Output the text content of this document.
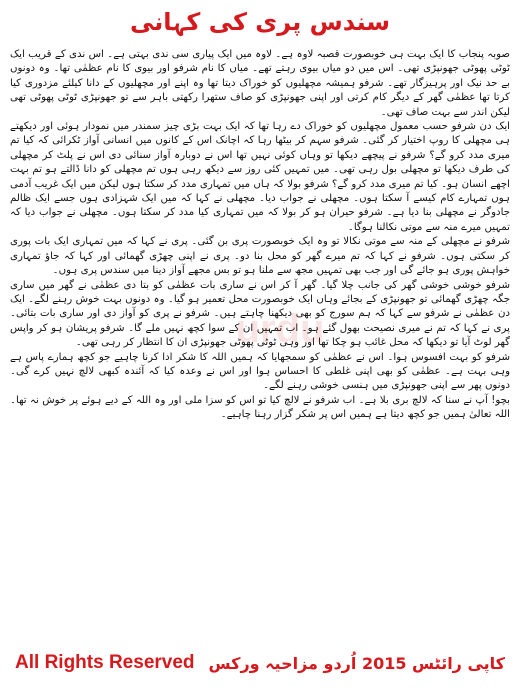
سندس پری کی کہانی

صوبہ پنجاب کا ایک بہت ہی خوبصورت قصبہ لاوہ ہے۔ لاوہ میں ایک پیاری سی ندی بہتی ہے۔ اس ندی کے قریب ایک ٹوٹی پھوٹی جھونپڑی تھی۔ اس میں دو میاں بیوی رہتے تھے۔ میاں کا نام شرفو اور بیوی کا نام عظمٰی تھا۔ وہ دونوں بے حد نیک اور پرہیزگار تھے۔ شرفو ہمیشہ مچھلیوں کو خوراک دیتا تھا وہ اپنے اور مچھلیوں کے دانا کیلئے مزدوری کیا کرتا تھا عظمٰی گھر کے دیگر کام کرتی اور اپنی جھونپڑی کو صاف ستھرا رکھتی باہر سے تو جھونپڑی ٹوٹی پھوٹی تھی لیکن اندر سے بہت صاف تھی۔

ایک دن شرفو حسب معمول مچھلیوں کو خوراک دے رہا تھا کہ ایک بہت بڑی چیز سمندر میں نمودار ہوئی اور دیکھتے ہی مچھلی کا روپ اختیار کر گئی۔ شرفو سہم کر بیٹھا رہا کہ اچانک اس کے کانوں میں انسانی آواز ٹکرائی کہ کیا تم میری مدد کرو گے؟ شرفو نے پیچھے دیکھا تو وہاں کوئی نہیں تھا اس نے دوبارہ آواز سنائی دی اس نے پلٹ کر مچھلی کی طرف دیکھا تو مچھلی بول رہی تھی۔ میں تمہیں کئی روز سے دیکھ رہی ہوں تم مچھلی کو دانا ڈالتے ہو تم بہت اچھے انسان ہو۔ کیا تم میری مدد کرو گے؟ شرفو بولا کہ ہاں میں تمہاری مدد کر سکتا ہوں لیکن میں ایک غریب آدمی ہوں تمہارے کام کیسے آ سکتا ہوں۔ مچھلی نے جواب دیا۔ مچھلی نے کہا کہ میں ایک شہزادی ہوں جسے ایک ظالم جادوگر نے مچھلی بنا دیا ہے۔ شرفو حیران ہو کر بولا کہ میں تمہاری کیا مدد کر سکتا ہوں۔ مچھلی نے جواب دیا کہ تمہیں میرے منہ سے موتی نکالنا ہوگا۔

شرفو نے مچھلی کے منہ سے موتی نکالا تو وہ ایک خوبصورت پری بن گئی۔ پری نے کہا کہ میں تمہاری ایک بات پوری کر سکتی ہوں۔ شرفو نے کہا کہ تم میرے گھر کو محل بنا دو۔ پری نے اپنی چھڑی گھمائی اور کہا کہ جاؤ تمہاری خواہش پوری ہو جائے گی اور جب بھی تمہیں مجھ سے ملنا ہو تو بس مجھے آواز دینا میں سندس پری ہوں۔

شرفو خوشی خوشی گھر کی جانب چلا گیا۔ گھر آ کر اس نے ساری بات عظمٰی کو بتا دی عظمٰی نے گھر میں ساری جگہ چھڑی گھمائی تو جھونپڑی کے بجائے وہاں ایک خوبصورت محل تعمیر ہو گیا۔ وہ دونوں بہت خوش رہنے لگے۔ ایک دن عظمٰی نے شرفو سے کہا کہ ہم سورج کو بھی دیکھنا چاہتے ہیں۔ شرفو نے پری کو آواز دی اور ساری بات بتائی۔ پری نے کہا کہ تم نے میری نصیحت بھول گئے ہو۔ اب تمہیں ان کے سوا کچھ نہیں ملے گا۔ شرفو پریشان ہو کر واپس گھر لوٹ آیا تو دیکھا کہ محل غائب ہو چکا تھا اور وہی ٹوٹی پھوٹی جھونپڑی ان کا انتظار کر رہی تھی۔

شرفو کو بہت افسوس ہوا۔ اس نے عظمٰی کو سمجھایا کہ ہمیں اللہ کا شکر ادا کرنا چاہیے جو کچھ ہمارے پاس ہے وہی بہت ہے۔ عظمٰی کو بھی اپنی غلطی کا احساس ہوا اور اس نے وعدہ کیا کہ آئندہ کبھی لالچ نہیں کرے گی۔ دونوں پھر سے اپنی جھونپڑی میں ہنسی خوشی رہنے لگے۔

بچو! آپ نے سنا کہ لالچ بری بلا ہے۔ اب شرفو نے لالچ کیا تو اس کو سزا ملی اور وہ اللہ کے دیے ہوئے پر خوش نہ تھا۔ اللہ تعالیٰ ہمیں جو کچھ دیتا ہے ہمیں اس پر شکر گزار رہنا چاہیے۔

urdu
All Rights Reserved کاپی رائٹس 2015 اُردو مزاحیہ ورکس
